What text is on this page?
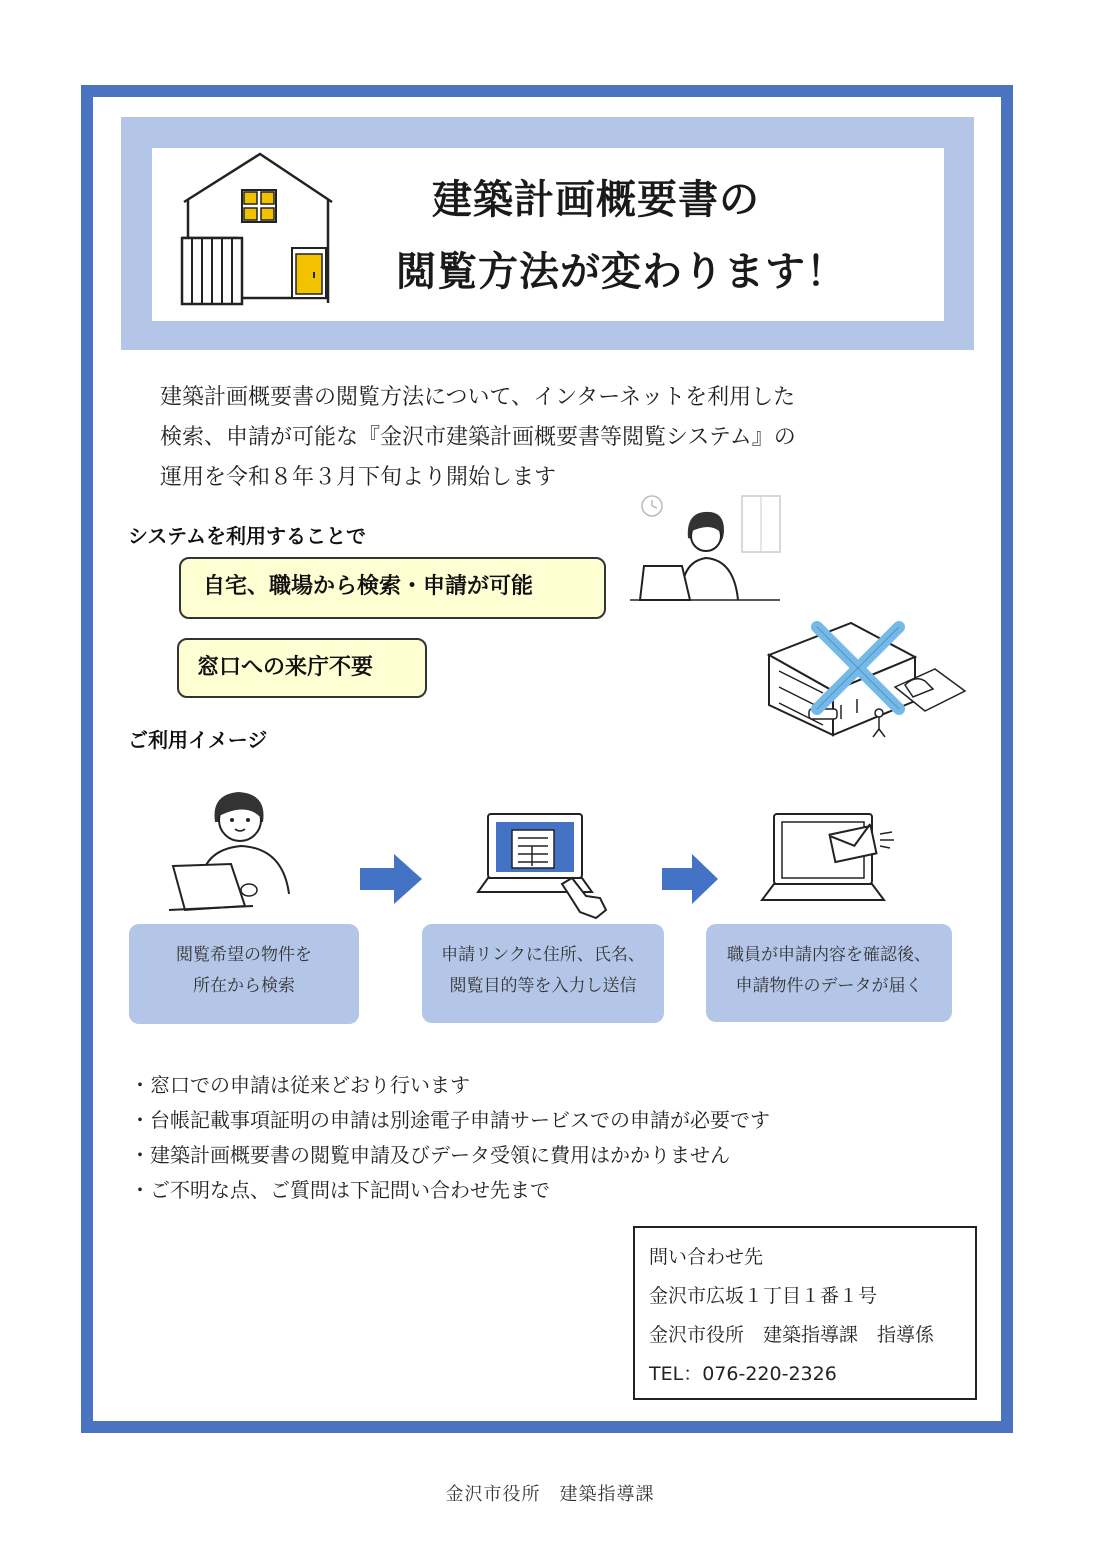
建築計画概要書の
閲覧方法が変わります！
建築計画概要書の閲覧方法について、インターネットを利用した
検索、申請が可能な『金沢市建築計画概要書等閲覧システム』の
運用を令和８年３月下旬より開始します
システムを利用することで
自宅、職場から検索・申請が可能
窓口への来庁不要
ご利用イメージ
閲覧希望の物件を
所在から検索
申請リンクに住所、氏名、
閲覧目的等を入力し送信
職員が申請内容を確認後、
申請物件のデータが届く
・窓口での申請は従来どおり行います
・台帳記載事項証明の申請は別途電子申請サービスでの申請が必要です
・建築計画概要書の閲覧申請及びデータ受領に費用はかかりません
・ご不明な点、ご質問は下記問い合わせ先まで
問い合わせ先
金沢市広坂１丁目１番１号
金沢市役所　建築指導課　指導係
TEL：076-220-2326
金沢市役所　建築指導課
